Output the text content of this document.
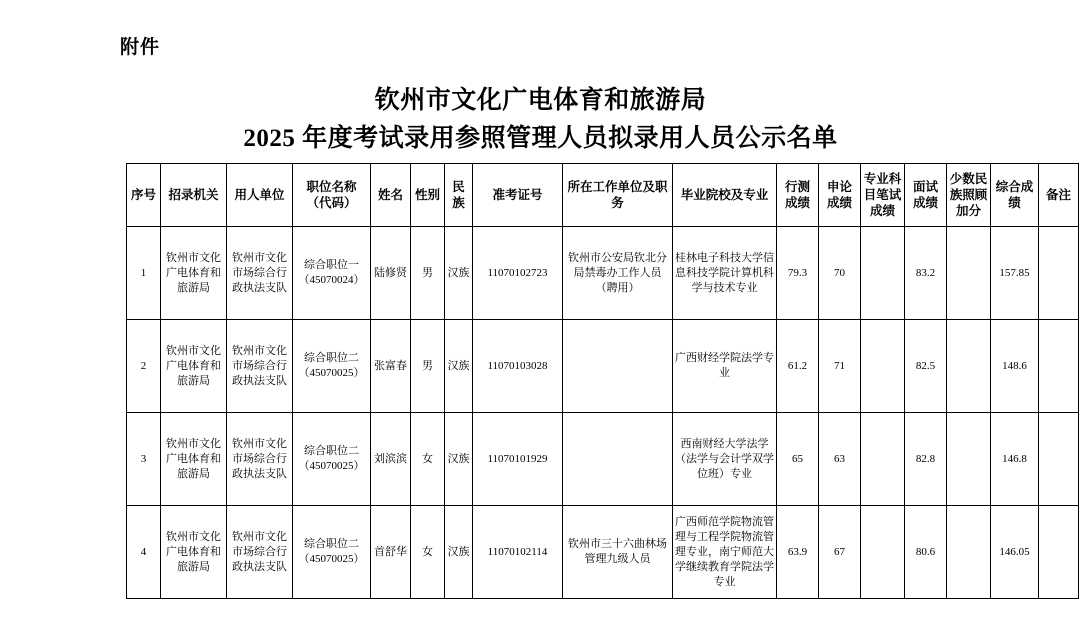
附件
钦州市文化广电体育和旅游局
2025 年度考试录用参照管理人员拟录用人员公示名单
序号	招录机关	用人单位	职位名称（代码）	姓名	性别	民族	准考证号	所在工作单位及职务	毕业院校及专业	行测成绩	申论成绩	专业科目笔试成绩	面试成绩	少数民族照顾加分	综合成绩	备注
1	钦州市文化广电体育和旅游局	钦州市文化市场综合行政执法支队	综合职位一（45070024）	陆修贤	男	汉族	11070102723	钦州市公安局钦北分局禁毒办工作人员（聘用）	桂林电子科技大学信息科技学院计算机科学与技术专业	79.3	70		83.2		157.85	
2	钦州市文化广电体育和旅游局	钦州市文化市场综合行政执法支队	综合职位二（45070025）	张富春	男	汉族	11070103028		广西财经学院法学专业	61.2	71		82.5		148.6	
3	钦州市文化广电体育和旅游局	钦州市文化市场综合行政执法支队	综合职位二（45070025）	刘滨滨	女	汉族	11070101929		西南财经大学法学（法学与会计学双学位班）专业	65	63		82.8		146.8	
4	钦州市文化广电体育和旅游局	钦州市文化市场综合行政执法支队	综合职位二（45070025）	首舒华	女	汉族	11070102114	钦州市三十六曲林场管理九级人员	广西师范学院物流管理与工程学院物流管理专业，南宁师范大学继续教育学院法学专业	63.9	67		80.6		146.05	
